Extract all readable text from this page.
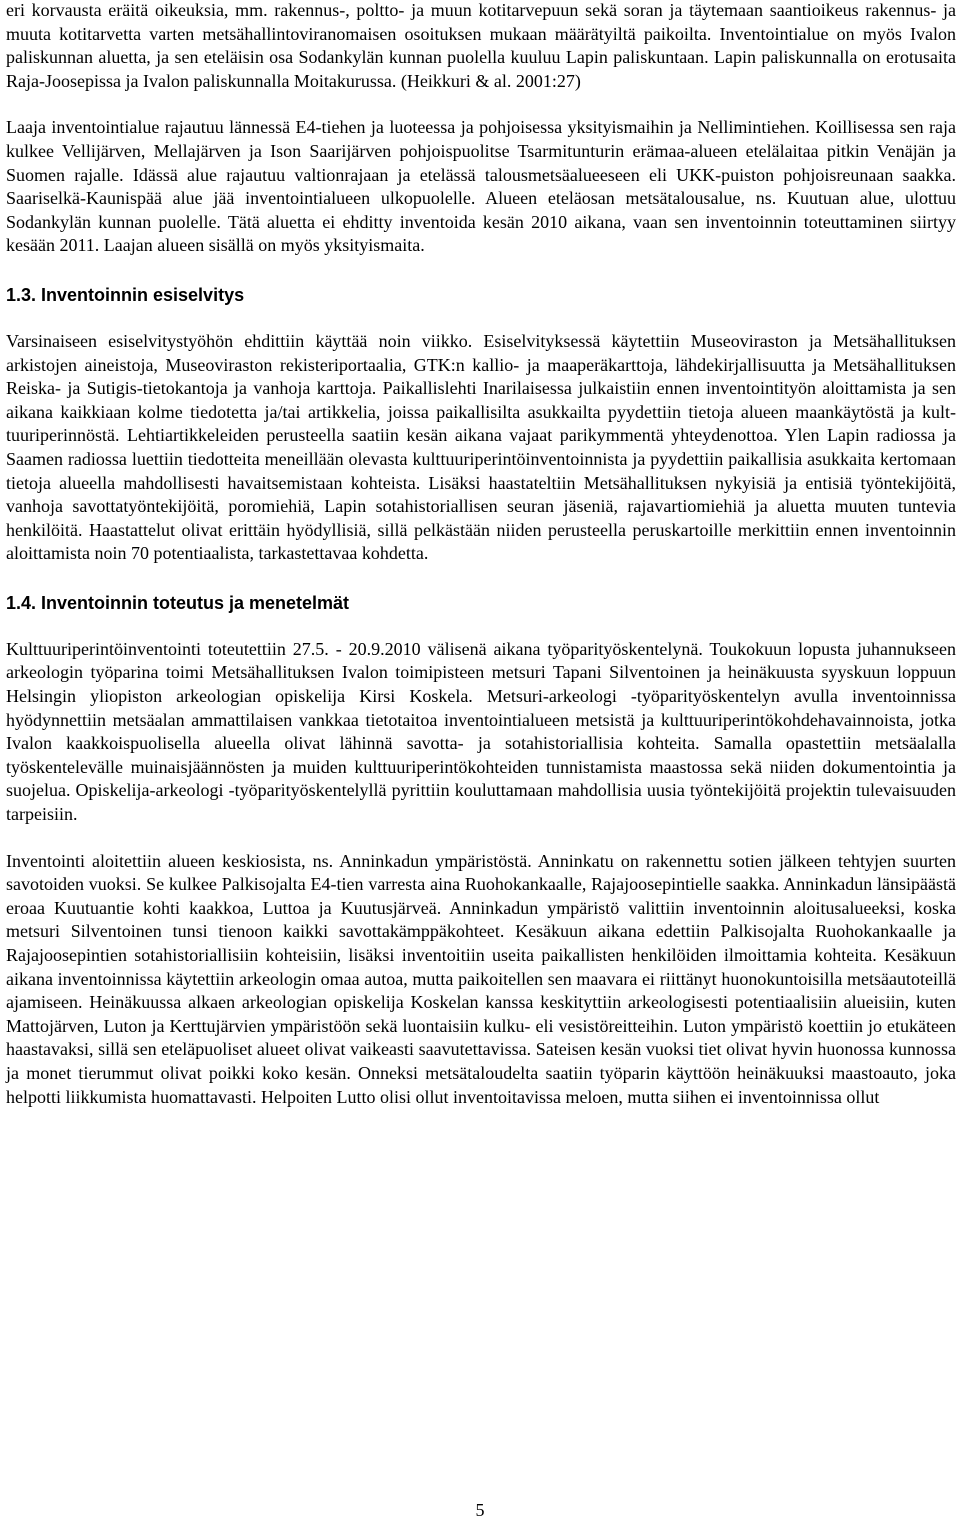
eri korvausta eräitä oikeuksia, mm. rakennus-, poltto- ja muun kotitarvepuun sekä soran ja täytemaan saantioikeus rakennus- ja muuta kotitarvetta varten metsähallintoviranomaisen osoituksen mukaan määrätyiltä paikoilta. Inventointialue on myös Ivalon paliskunnan aluetta, ja sen eteläisin osa Sodankylän kunnan puolella kuuluu Lapin paliskuntaan. Lapin paliskunnalla on erotusaita Raja-Joosepissa ja Ivalon paliskunnalla Moitakurussa. (Heikkuri & al. 2001:27)

Laaja inventointialue rajautuu lännessä E4-tiehen ja luoteessa ja pohjoisessa yksityismaihin ja Nellimintiehen. Koillisessa sen raja kulkee Vellijärven, Mellajärven ja Ison Saarijärven pohjoispuolitse Tsarmitunturin erämaa-alueen etelälaitaa pitkin Venäjän ja Suomen rajalle. Idässä alue rajautuu valtionrajaan ja etelässä talousmetsäalueeseen eli UKK-puiston pohjoisreunaan saakka. Saariselkä-Kaunispää alue jää inventointialueen ulkopuolelle. Alueen eteläosan metsätalousalue, ns. Kuutuan alue, ulottuu Sodankylän kunnan puolelle. Tätä aluetta ei ehditty inventoida kesän 2010 aikana, vaan sen inventoinnin toteuttaminen siirtyy kesään 2011. Laajan alueen sisällä on myös yksityismaita.

1.3. Inventoinnin esiselvitys

Varsinaiseen esiselvitystyöhön ehdittiin käyttää noin viikko. Esiselvityksessä käytettiin Museoviraston ja Metsähallituksen arkistojen aineistoja, Museoviraston rekisteriportaalia, GTK:n kallio- ja maaperäkarttoja, lähdekirjallisuutta ja Metsähallituksen Reiska- ja Sutigis-tietokantoja ja vanhoja karttoja. Paikallislehti Inarilaisessa julkaistiin ennen inventointityön aloittamista ja sen aikana kaikkiaan kolme tiedotetta ja/tai artikkelia, joissa paikallisilta asukkailta pyydettiin tietoja alueen maankäytöstä ja kulttuuriperinnöstä. Lehtiartikkeleiden perusteella saatiin kesän aikana vajaat parikymmentä yhteydenottoa. Ylen Lapin radiossa ja Saamen radiossa luettiin tiedotteita meneillään olevasta kulttuuriperintöinventoinnista ja pyydettiin paikallisia asukkaita kertomaan tietoja alueella mahdollisesti havaitsemistaan kohteista. Lisäksi haastateltiin Metsähallituksen nykyisiä ja entisiä työntekijöitä, vanhoja savottatyöntekijöitä, poromiehiä, Lapin sotahistoriallisen seuran jäseniä, rajavartiomiehiä ja aluetta muuten tuntevia henkilöitä. Haastattelut olivat erittäin hyödyllisiä, sillä pelkästään niiden perusteella peruskartoille merkittiin ennen inventoinnin aloittamista noin 70 potentiaalista, tarkastettavaa kohdetta.

1.4. Inventoinnin toteutus ja menetelmät

Kulttuuriperintöinventointi toteutettiin 27.5. - 20.9.2010 välisenä aikana työparityöskentelynä. Toukokuun lopusta juhannukseen arkeologin työparina toimi Metsähallituksen Ivalon toimipisteen metsuri Tapani Silventoinen ja heinäkuusta syyskuun loppuun Helsingin yliopiston arkeologian opiskelija Kirsi Koskela. Metsuri-arkeologi -työparityöskentelyn avulla inventoinnissa hyödynnettiin metsäalan ammattilaisen vankkaa tietotaitoa inventointialueen metsistä ja kulttuuriperintökohdehavainnoista, jotka Ivalon kaakkoispuolisella alueella olivat lähinnä savotta- ja sotahistoriallisia kohteita. Samalla opastettiin metsäalalla työskentelevälle muinaisjäännösten ja muiden kulttuuriperintökohteiden tunnistamista maastossa sekä niiden dokumentointia ja suojelua. Opiskelija-arkeologi -työparityöskentelyllä pyrittiin kouluttamaan mahdollisia uusia työntekijöitä projektin tulevaisuuden tarpeisiin.

Inventointi aloitettiin alueen keskiosista, ns. Anninkadun ympäristöstä. Anninkatu on rakennettu sotien jälkeen tehtyjen suurten savotoiden vuoksi. Se kulkee Palkisojalta E4-tien varresta aina Ruohokankaalle, Rajajoosepintielle saakka. Anninkadun länsipäästä eroaa Kuutuantie kohti kaakkoa, Luttoa ja Kuutusjärveä. Anninkadun ympäristö valittiin inventoinnin aloitusalueeksi, koska metsuri Silventoinen tunsi tienoon kaikki savottakämppäkohteet. Kesäkuun aikana edettiin Palkisojalta Ruohokankaalle ja Rajajoosepintien sotahistoriallisiin kohteisiin, lisäksi inventoitiin useita paikallisten henkilöiden ilmoittamia kohteita. Kesäkuun aikana inventoinnissa käytettiin arkeologin omaa autoa, mutta paikoitellen sen maavara ei riittänyt huonokuntoisilla metsäautoteillä ajamiseen. Heinäkuussa alkaen arkeologian opiskelija Koskelan kanssa keskityttiin arkeologisesti potentiaalisiin alueisiin, kuten Mattojärven, Luton ja Kerttujärvien ympäristöön sekä luontaisiin kulku- eli vesistöreitteihin. Luton ympäristö koettiin jo etukäteen haastavaksi, sillä sen eteläpuoliset alueet olivat vaikeasti saavutettavissa. Sateisen kesän vuoksi tiet olivat hyvin huonossa kunnossa ja monet tierummut olivat poikki koko kesän. Onneksi metsätaloudelta saatiin työparin käyttöön heinäkuuksi maastoauto, joka helpotti liikkumista huomattavasti. Helpoiten Lutto olisi ollut inventoitavissa meloen, mutta siihen ei inventoinnissa ollut

5
